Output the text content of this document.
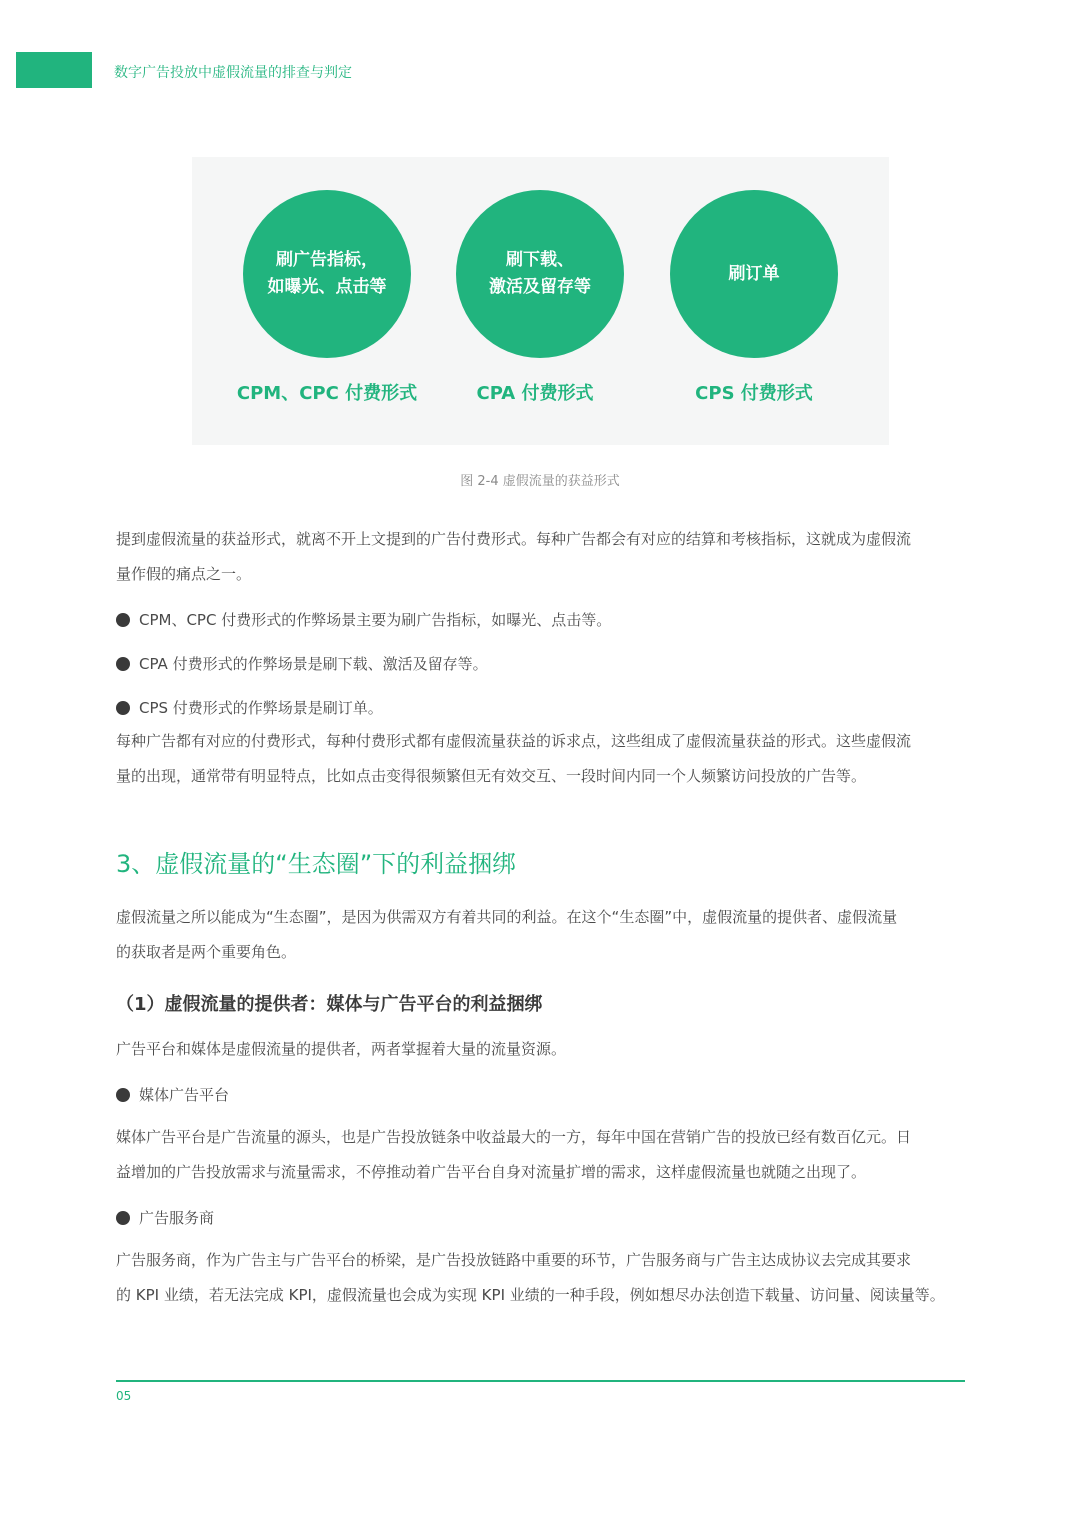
数字广告投放中虚假流量的排查与判定
刷广告指标，
如曝光、点击等
CPM、CPC 付费形式
刷下载、
激活及留存等
CPA 付费形式
刷订单
CPS 付费形式
图 2-4 虚假流量的获益形式
提到虚假流量的获益形式，就离不开上文提到的广告付费形式。每种广告都会有对应的结算和考核指标，这就成为虚假流
量作假的痛点之一。
CPM、CPC 付费形式的作弊场景主要为刷广告指标，如曝光、点击等。
CPA 付费形式的作弊场景是刷下载、激活及留存等。
CPS 付费形式的作弊场景是刷订单。
每种广告都有对应的付费形式，每种付费形式都有虚假流量获益的诉求点，这些组成了虚假流量获益的形式。这些虚假流
量的出现，通常带有明显特点，比如点击变得很频繁但无有效交互、一段时间内同一个人频繁访问投放的广告等。
3、虚假流量的“生态圈”下的利益捆绑
虚假流量之所以能成为“生态圈”，是因为供需双方有着共同的利益。在这个“生态圈”中，虚假流量的提供者、虚假流量
的获取者是两个重要角色。
（1）虚假流量的提供者：媒体与广告平台的利益捆绑
广告平台和媒体是虚假流量的提供者，两者掌握着大量的流量资源。
媒体广告平台
媒体广告平台是广告流量的源头，也是广告投放链条中收益最大的一方，每年中国在营销广告的投放已经有数百亿元。日
益增加的广告投放需求与流量需求，不停推动着广告平台自身对流量扩增的需求，这样虚假流量也就随之出现了。
广告服务商
广告服务商，作为广告主与广告平台的桥梁，是广告投放链路中重要的环节，广告服务商与广告主达成协议去完成其要求
的 KPI 业绩，若无法完成 KPI，虚假流量也会成为实现 KPI 业绩的一种手段，例如想尽办法创造下载量、访问量、阅读量等。
05
